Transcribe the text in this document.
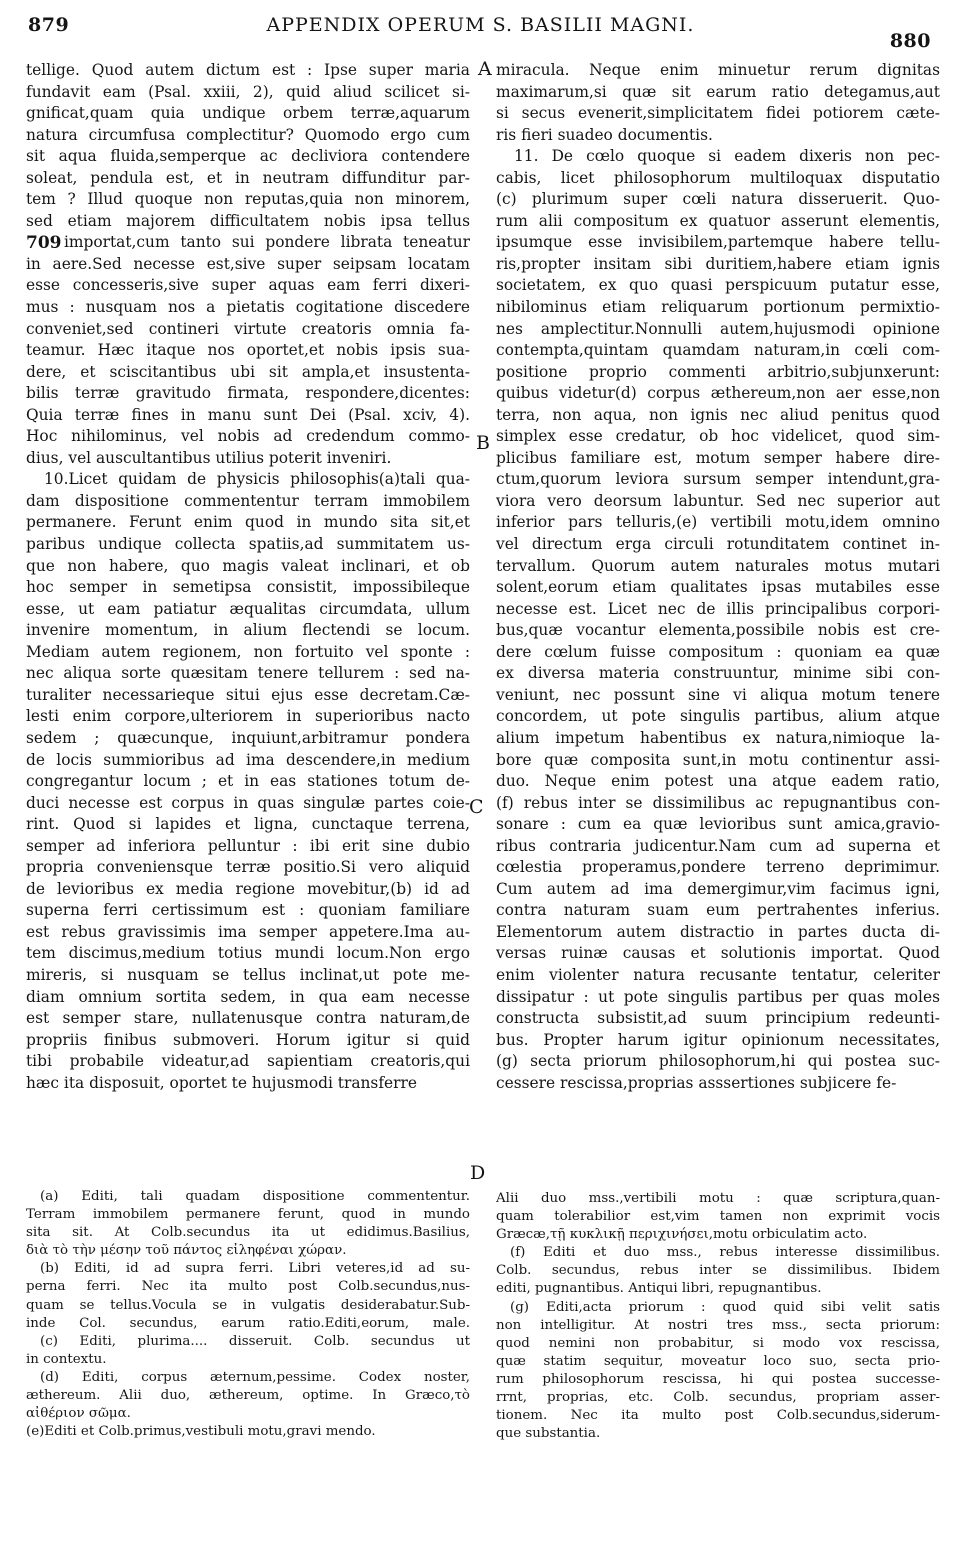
879	APPENDIX OPERUM S. BASILII MAGNI.
880
A
B
C
D
tellige. Quod autem dictum est : Ipse super maria
fundavit eam (Psal. xxiii, 2), quid aliud scilicet si-
gnificat,quam quia undique orbem terræ,aquarum
natura circumfusa complectitur? Quomodo ergo cum
sit aqua fluida,semperque ac decliviora contendere
soleat, pendula est, et in neutram diffunditur par-
tem ? Illud quoque non reputas,quia non minorem,
sed etiam majorem difficultatem nobis ipsa tellus
importat,cum tanto sui pondere librata teneatur
in aere.Sed necesse est,sive super seipsam locatam
esse concesseris,sive super aquas eam ferri dixeri-
mus : nusquam nos a pietatis cogitatione discedere
conveniet,sed contineri virtute creatoris omnia fa-
teamur. Hæc itaque nos oportet,et nobis ipsis sua-
dere, et sciscitantibus ubi sit ampla,et insustenta-
bilis terræ gravitudo firmata, respondere,dicentes:
Quia terræ fines in manu sunt Dei (Psal. xciv, 4).
Hoc nihilominus, vel nobis ad credendum commo-
dius, vel auscultantibus utilius poterit inveniri.
10.Licet quidam de physicis philosophis(a)tali qua-
dam dispositione commententur terram immobilem
permanere. Ferunt enim quod in mundo sita sit,et
paribus undique collecta spatiis,ad summitatem us-
que non habere, quo magis valeat inclinari, et ob
hoc semper in semetipsa consistit, impossibileque
esse, ut eam patiatur æqualitas circumdata, ullum
invenire momentum, in alium flectendi se locum.
Mediam autem regionem, non fortuito vel sponte :
nec aliqua sorte quæsitam tenere tellurem : sed na-
turaliter necessarieque situi ejus esse decretam.Cæ-
lesti enim corpore,ulteriorem in superioribus nacto
sedem ; quæcunque, inquiunt,arbitramur pondera
de locis summioribus ad ima descendere,in medium
congregantur locum ; et in eas stationes totum de-
duci necesse est corpus in quas singulæ partes coie-
rint. Quod si lapides et ligna, cunctaque terrena,
semper ad inferiora pelluntur : ibi erit sine dubio
propria conveniensque terræ positio.Si vero aliquid
de levioribus ex media regione movebitur,(b) id ad
superna ferri certissimum est : quoniam familiare
est rebus gravissimis ima semper appetere.Ima au-
tem discimus,medium totius mundi locum.Non ergo
mireris, si nusquam se tellus inclinat,ut pote me-
diam omnium sortita sedem, in qua eam necesse
est semper stare, nullatenusque contra naturam,de
propriis finibus submoveri. Horum igitur si quid
tibi probabile videatur,ad sapientiam creatoris,qui
hæc ita disposuit, oportet te hujusmodi transferre
miracula. Neque enim minuetur rerum dignitas
maximarum,si quæ sit earum ratio detegamus,aut
si secus evenerit,simplicitatem fidei potiorem cæte-
ris fieri suadeo documentis.
11. De cœlo quoque si eadem dixeris non pec-
cabis, licet philosophorum multiloquax disputatio
(c) plurimum super cœli natura disseruerit. Quo-
rum alii compositum ex quatuor asserunt elementis,
ipsumque esse invisibilem,partemque habere tellu-
ris,propter insitam sibi duritiem,habere etiam ignis
societatem, ex quo quasi perspicuum putatur esse,
nibilominus etiam reliquarum portionum permixtio-
nes amplectitur.Nonnulli autem,hujusmodi opinione
contempta,quintam quamdam naturam,in cœli com-
positione proprio commenti arbitrio,subjunxerunt:
quibus videtur(d) corpus æthereum,non aer esse,non
terra, non aqua, non ignis nec aliud penitus quod
simplex esse credatur, ob hoc videlicet, quod sim-
plicibus familiare est, motum semper habere dire-
ctum,quorum leviora sursum semper intendunt,gra-
viora vero deorsum labuntur. Sed nec superior aut
inferior pars telluris,(e) vertibili motu,idem omnino
vel directum erga circuli rotunditatem continet in-
tervallum. Quorum autem naturales motus mutari
solent,eorum etiam qualitates ipsas mutabiles esse
necesse est. Licet nec de illis principalibus corpori-
bus,quæ vocantur elementa,possibile nobis est cre-
dere cœlum fuisse compositum : quoniam ea quæ
ex diversa materia construuntur, minime sibi con-
veniunt, nec possunt sine vi aliqua motum tenere
concordem, ut pote singulis partibus, alium atque
alium impetum habentibus ex natura,nimioque la-
bore quæ composita sunt,in motu continentur assi-
duo. Neque enim potest una atque eadem ratio,
(f) rebus inter se dissimilibus ac repugnantibus con-
sonare : cum ea quæ levioribus sunt amica,gravio-
ribus contraria judicentur.Nam cum ad superna et
cœlestia properamus,pondere terreno deprimimur.
Cum autem ad ima demergimur,vim facimus igni,
contra naturam suam eum pertrahentes inferius.
Elementorum autem distractio in partes ducta di-
versas ruinæ causas et solutionis importat. Quod
enim violenter natura recusante tentatur, celeriter
dissipatur : ut pote singulis partibus per quas moles
constructa subsistit,ad suum principium redeunti-
bus. Propter harum igitur opinionum necessitates,
(g) secta priorum philosophorum,hi qui postea suc-
cessere rescissa,proprias asssertiones subjicere fe-
(a) Editi, tali quadam dispositione commententur.
Terram immobilem permanere ferunt, quod in mundo
sita sit. At Colb.secundus ita ut edidimus.Basilius,
διὰ τὸ τὴν μέσην τοῦ πάντος εἰληφέναι χώραν.
(b) Editi, id ad supra ferri. Libri veteres,id ad su-
perna ferri. Nec ita multo post Colb.secundus,nus-
quam se tellus.Vocula se in vulgatis desiderabatur.Sub-
inde Col. secundus, earum ratio.Editi,eorum, male.
(c) Editi, plurima.... disseruit. Colb. secundus ut
in contextu.
(d) Editi, corpus æternum,pessime. Codex noster,
æthereum. Alii duo, æthereum, optime. In Græco,τὸ
αἰθέριον σῶμα.
(e)Editi et Colb.primus,vestibuli motu,gravi mendo.
Alii duo mss.,vertibili motu : quæ scriptura,quan-
quam tolerabilior est,vim tamen non exprimit vocis
Græcæ,τῇ κυκλικῇ περιχινήσει,motu orbiculatim acto.
(f) Editi et duo mss., rebus interesse dissimilibus.
Colb. secundus, rebus inter se dissimilibus. Ibidem
editi, pugnantibus. Antiqui libri, repugnantibus.
(g) Editi,acta priorum : quod quid sibi velit satis
non intelligitur. At nostri tres mss., secta priorum:
quod nemini non probabitur, si modo vox rescissa,
quæ statim sequitur, moveatur loco suo, secta prio-
rum philosophorum rescissa, hi qui postea successe-
rrnt, proprias, etc. Colb. secundus, propriam asser-
tionem. Nec ita multo post Colb.secundus,siderum-
que substantia.
709
